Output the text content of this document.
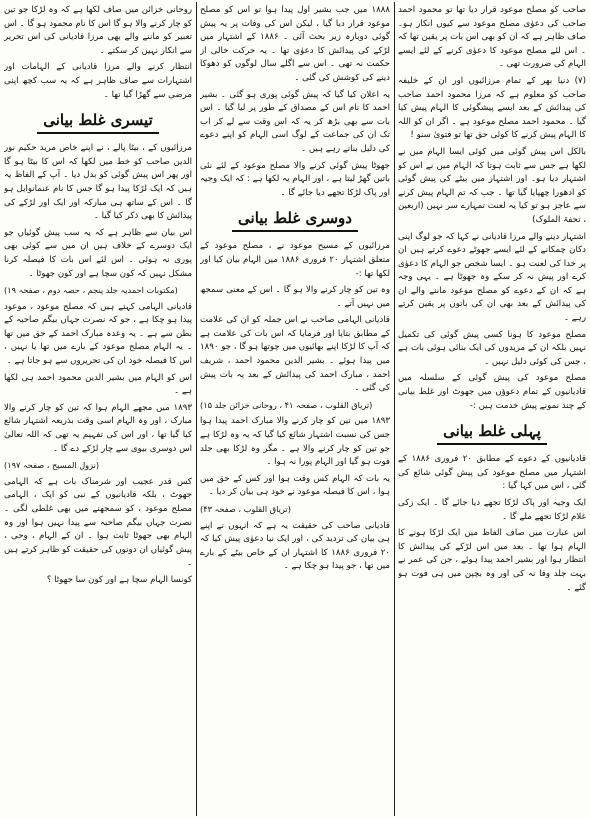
صاحب کو مصلح موعود قرار دیا تھا تو محمود احمد صاحب کی دعوٰی مصلح موعود سے کیوں انکار ہو۔ صاف ظاہر ہے کہ ان کو بھی اس بات پر یقین تھا کہ ۔ اس لئے مصلح موعود کا دعوٰی کرنے کے لئے ایسے الہام کی ضرورت تھی ۔

(۷) دنیا بھر کے تمام مرزائیوں اور ان کے خلیفہ صاحب کو معلوم ہے کہ مرزا محمود احمد صاحب کی پیدائش کے بعد ایسے پیشگوئی کا الہام پیش کیا گیا ۔ محمود احمد مصلح موعود ہے ۔ اگر ان کو اللہ کا الہام پیش کرنے کا کوئی حق تھا تو فتویٰ سنو !

بالکل اس پیش گوئی میں کوئی ایسا الہام میں نے لکھا ہے جس سے ثابت ہوتا کہ الہام میں نے اس کو اشتہار دیا ہو۔ اور اشتہار میں بیٹے کی پیش گوئی کو ادھورا چھپایا گیا تھا ۔ جب کہ تم الہام پیش کرنے سے عاجز ہو تو کیا یہ لعنت تمہارے سر نہیں (اربعین ، تحفۃ الملوک)

اشتہار دینے والے مرزا قادیانی نے کہا کہ جو لوگ اپنی دکان چمکانے کے لئے ایسے جھوٹے دعوے کرتے ہیں ان پر خدا کی لعنت ہو ۔ ایسا شخص جو الہام کا دعوٰی کرے اور پیش نہ کر سکے وہ جھوٹا ہے ۔ یہی وجہ ہے کہ ان کے دعوے کو مصلح موعود ماننے والے ان کی پیدائش کے بعد بھی ان کی باتوں پر یقین کرتے رہے ۔

مصلح موعود کا ہونا کسی پیش گوئی کی تکمیل نہیں بلکہ ان کے مریدوں کی ایک بنائی ہوئی بات ہے ، جس کی کوئی دلیل نہیں ۔

مصلح موعود کی پیش گوئی کے سلسلہ میں قادیانیوں کے تمام دعوؤں میں جھوٹ اور غلط بیانی کے چند نمونے پیش خدمت ہیں :-

پہلی غلط بیانی

قادیانیوں کے دعوے کے مطابق ۲۰ فروری ۱۸۸۶ کے اشتہار میں مصلح موعود کی پیش گوئی شائع کی گئی ، اس میں کہا گیا :

ایک وجیہ اور پاک لڑکا تجھے دیا جائے گا ۔ ایک زکی غلام لڑکا تجھے ملے گا ۔

اس عبارت میں صاف الفاظ میں ایک لڑکا ہونے کا الہام ہوا تھا ۔ بعد میں اس لڑکے کی پیدائش کا انتظار ہوا اور بشیر احمد پیدا ہوئے ، جن کی عمر نے بہت جلد وفا نہ کی اور وہ بچپن میں ہی فوت ہو گئے ۔

۱۸۸۸ میں جب بشیر اول پیدا ہوا تو اس کو مصلح موعود قرار دیا گیا ، لیکن اس کی وفات پر یہ پیش گوئی دوبارہ زیر بحث آئی ۔ ۱۸۸۶ کے اشتہار میں لڑکے کی پیدائش کا دعوٰی تھا ۔ یہ حرکت خالی از حکمت نہ تھی ۔ اس سے اگلے سال لوگوں کو دھوکا دینے کی کوشش کی گئی ۔

یہ اعلان کیا گیا کہ پیش گوئی پوری ہو گئی ۔ بشیر احمد کا نام اس کے مصداق کے طور پر لیا گیا ۔ اس بات سے بھی بڑھ کر یہ کہ اس وقت سے لے کر اب تک ان کی جماعت کے لوگ اسی الہام کو اپنے دعوے کی دلیل بناتے رہے ہیں ۔

جھوٹا پیش گوئی کرنے والا مصلح موعود کے لئے نئی باتیں گھڑ لیتا ہے ، اور الہام یہ لکھا ہے : کہ ایک وجیہ اور پاک لڑکا تجھے دیا جائے گا ۔

دوسری غلط بیانی

مرزائیوں کے مسیح موعود نے ، مصلح موعود کے متعلق اشتہار ۲۰ فروری ۱۸۸۶ میں الہام بیان کیا اور لکھا تھا :-

وہ تین کو چار کرنے والا ہو گا ۔ اس کے معنی سمجھ میں نہیں آتے ۔

قادیانی الہامی صاحب نے اس جملہ کو ان کی علامت کے مطابق بتایا اور فرمایا کہ اس بات کی علامت ہے کہ آپ کا لڑکا اپنے بھائیوں میں چوتھا ہو گا ، جو ۱۸۹۰ میں پیدا ہوئے ۔ بشیر الدین محمود احمد ، شریف احمد ، مبارک احمد کی پیدائش کے بعد یہ بات پیش کی گئی ۔

(تریاق القلوب ، صفحہ ۴۱ ، روحانی خزائن جلد ۱۵)

۱۸۹۳ میں تین کو چار کرنے والا مبارک احمد پیدا ہوا جس کی نسبت اشتہار شائع کیا گیا کہ یہ وہ لڑکا ہے جو تین کو چار کرنے والا ہے ۔ مگر وہ لڑکا بھی جلد فوت ہو گیا اور الہام پورا نہ ہوا ۔

یہ بات کہ الہام کس وقت ہوا اور کس کے حق میں ہوا ، اس کا فیصلہ موعود نے خود ہی بیان کر دیا ۔

(تریاق القلوب ، صفحہ ۴۳)

قادیانی صاحب کی حقیقت یہ ہے کہ انہوں نے اپنے ہی بیان کی تردید کی ، اور ایک نیا دعوٰی پیش کیا کہ ۲۰ فروری ۱۸۸۶ کا اشتہار ان کے خاص بیٹے کے بارے میں تھا ، جو پیدا ہو چکا ہے ۔

روحانی خزائن میں صاف لکھا ہے کہ وہ لڑکا جو تین کو چار کرنے والا ہو گا اس کا نام محمود ہو گا ۔ اس تعبیر کو ماننے والے بھی مرزا قادیانی کی اس تحریر سے انکار نہیں کر سکتے ۔

انتظار کرنے والے مرزا قادیانی کے الہامات اور اشتہارات سے صاف ظاہر ہے کہ یہ سب کچھ اپنی مرضی سے گھڑا گیا تھا ۔

تیسری غلط بیانی

مرزائیوں کے ، بیٹا پالے ، نے اپنے خاص مرید حکیم نور الدین صاحب کو خط میں لکھا کہ اس کا بیٹا ہو گا اور پھر اس پیش گوئی کو بدل دیا ۔ آپ کے الفاظ یہ ہیں کہ ایک لڑکا پیدا ہو گا جس کا نام عنمانوایل ہو گا ۔ اس کے ساتھ ہی مبارکہ اور ایک اور لڑکے کی پیدائش کا بھی ذکر کیا گیا ۔

اس بیان سے ظاہر ہے کہ یہ سب پیش گوئیاں جو ایک دوسرے کے خلاف ہیں ان میں سے کوئی بھی پوری نہ ہوئی ۔ اس لئے اس بات کا فیصلہ کرنا مشکل نہیں کہ کون سچا ہے اور کون جھوٹا ۔

(مکتوبات احمدیہ جلد پنجم ، حصہ دوم ، صفحہ ۱۹)

قادیانی الہامی کہتے ہیں کہ مصلح موعود ، موعود پیدا ہو چکا ہے ، جو کہ نصرت جہاں بیگم صاحبہ کے بطن سے ہے ۔ یہ وعدہ مبارک احمد کے حق میں تھا ۔ یہ الہام مصلح موعود کے بارے میں تھا یا نہیں ، اس کا فیصلہ خود ان کی تحریروں سے ہو جاتا ہے ۔

اس کو الہام میں بشیر الدین محمود احمد ہی لکھا ہے ۔

۱۸۹۳ میں مجھے الہام ہوا کہ تین کو چار کرنے والا مبارک ، اور وہ الہام اسی وقت بذریعہ اشتہار شائع کیا گیا تھا ، اور اس کی تفہیم یہ تھی کہ اللہ تعالیٰ اس دوسری بیوی سے چار لڑکے دے گا ۔

(نزول المسیح ، صفحہ ۱۹۷)

کس قدر عجیب اور شرمناک بات ہے کہ الہامی جھوٹ ، بلکہ قادیانیوں کے نبی کو ایک ، الہامی مصلح موعود ، کو سمجھنے میں بھی غلطی لگی ۔ نصرت جہاں بیگم صاحبہ سے پیدا نہیں ہوا اور وہ الہام بھی جھوٹا ثابت ہوا ۔ ان کے الہام ، وحی ، پیش گوئیاں ان دونوں کی حقیقت کو ظاہر کرتے ہیں ۔

کونسا الہام سچا ہے اور کون سا جھوٹا ؟
